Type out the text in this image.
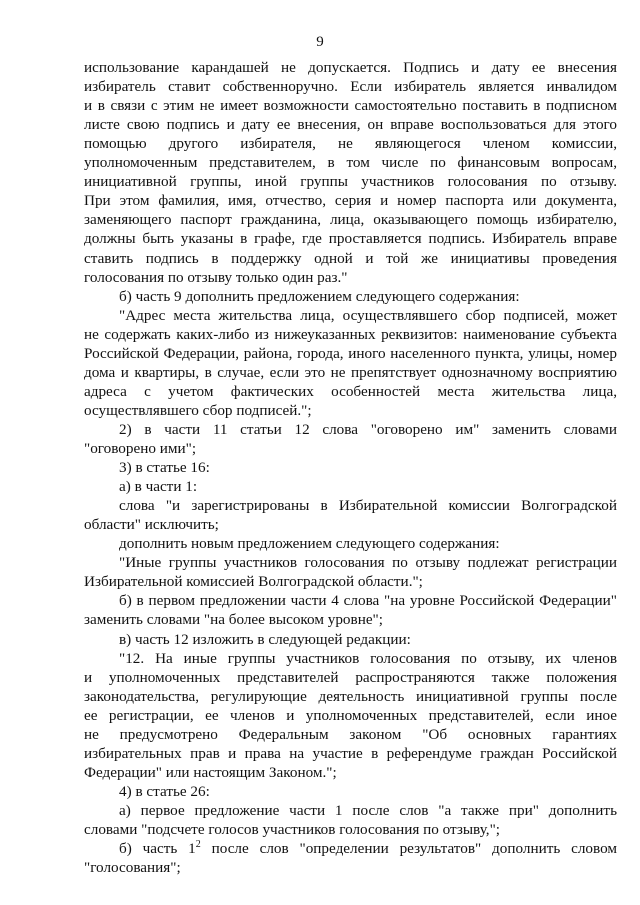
9
использование карандашей не допускается. Подпись и дату ее внесения
избиратель ставит собственноручно. Если избиратель является инвалидом
и в связи с этим не имеет возможности самостоятельно поставить в подписном
листе свою подпись и дату ее внесения, он вправе воспользоваться для этого
помощью другого избирателя, не являющегося членом комиссии,
уполномоченным представителем, в том числе по финансовым вопросам,
инициативной группы, иной группы участников голосования по отзыву.
При этом фамилия, имя, отчество, серия и номер паспорта или документа,
заменяющего паспорт гражданина, лица, оказывающего помощь избирателю,
должны быть указаны в графе, где проставляется подпись. Избиратель вправе
ставить подпись в поддержку одной и той же инициативы проведения
голосования по отзыву только один раз."
б) часть 9 дополнить предложением следующего содержания:
"Адрес места жительства лица, осуществлявшего сбор подписей, может
не содержать каких-либо из нижеуказанных реквизитов: наименование субъекта
Российской Федерации, района, города, иного населенного пункта, улицы, номер
дома и квартиры, в случае, если это не препятствует однозначному восприятию
адреса с учетом фактических особенностей места жительства лица,
осуществлявшего сбор подписей.";
2) в части 11 статьи 12 слова "оговорено им" заменить словами
"оговорено ими";
3) в статье 16:
а) в части 1:
слова "и зарегистрированы в Избирательной комиссии Волгоградской
области" исключить;
дополнить новым предложением следующего содержания:
"Иные группы участников голосования по отзыву подлежат регистрации
Избирательной комиссией Волгоградской области.";
б) в первом предложении части 4 слова "на уровне Российской Федерации"
заменить словами "на более высоком уровне";
в) часть 12 изложить в следующей редакции:
"12. На иные группы участников голосования по отзыву, их членов
и уполномоченных представителей распространяются также положения
законодательства, регулирующие деятельность инициативной группы после
ее регистрации, ее членов и уполномоченных представителей, если иное
не предусмотрено Федеральным законом "Об основных гарантиях
избирательных прав и права на участие в референдуме граждан Российской
Федерации" или настоящим Законом.";
4) в статье 26:
а) первое предложение части 1 после слов "а также при" дополнить
словами "подсчете голосов участников голосования по отзыву,";
б) часть $1^2$ после слов "определении результатов" дополнить словом
"голосования";
